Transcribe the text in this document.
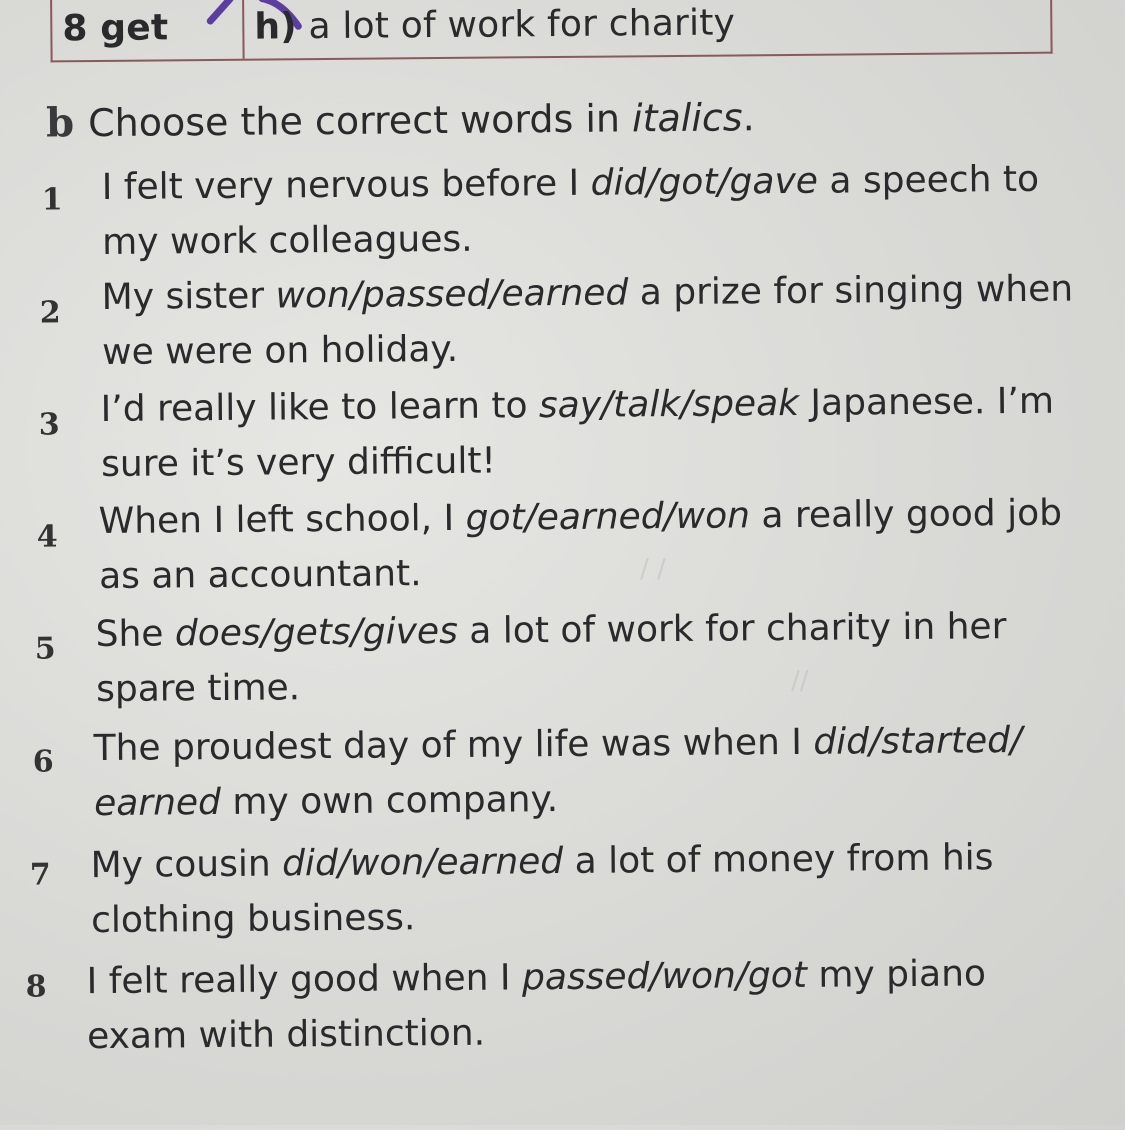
8 get h) a lot of work for charity
b Choose the correct words in italics.
1 I felt very nervous before I did/got/gave a speech to
my work colleagues.
2 My sister won/passed/earned a prize for singing when
we were on holiday.
3 I’d really like to learn to say/talk/speak Japanese. I’m
sure it’s very difficult!
4 When I left school, I got/earned/won a really good job
as an accountant.
5 She does/gets/gives a lot of work for charity in her
spare time.
6 The proudest day of my life was when I did/started/
earned my own company.
7 My cousin did/won/earned a lot of money from his
clothing business.
8 I felt really good when I passed/won/got my piano
exam with distinction.
/ /
//
